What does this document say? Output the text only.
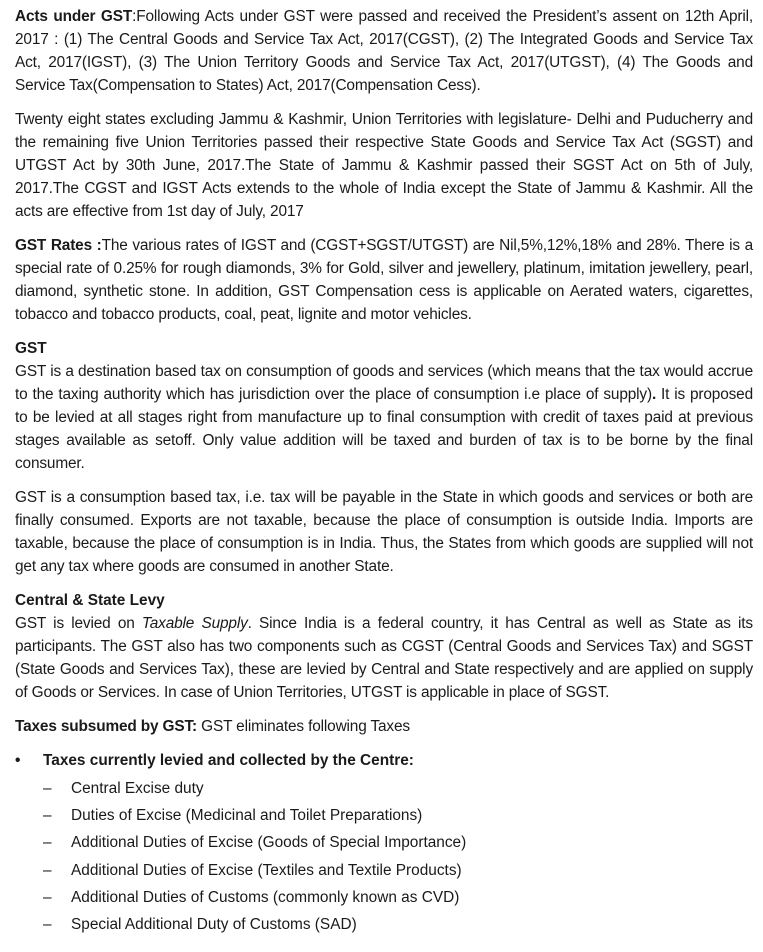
Acts under GST:Following Acts under GST were passed and received the President’s assent on 12th April, 2017 : (1) The Central Goods and Service Tax Act, 2017(CGST), (2) The Integrated Goods and Service Tax Act, 2017(IGST), (3) The Union Territory Goods and Service Tax Act, 2017(UTGST), (4) The Goods and Service Tax(Compensation to States) Act, 2017(Compensation Cess).

Twenty eight states excluding Jammu & Kashmir, Union Territories with legislature- Delhi and Puducherry and the remaining five Union Territories passed their respective State Goods and Service Tax Act (SGST) and UTGST Act by 30th June, 2017.The State of Jammu & Kashmir passed their SGST Act on 5th of July, 2017.The CGST and IGST Acts extends to the whole of India except the State of Jammu & Kashmir. All the acts are effective from 1st day of July, 2017

GST Rates :The various rates of IGST and (CGST+SGST/UTGST) are Nil,5%,12%,18% and 28%. There is a special rate of 0.25% for rough diamonds, 3% for Gold, silver and jewellery, platinum, imitation jewellery, pearl, diamond, synthetic stone. In addition, GST Compensation cess is applicable on Aerated waters, cigarettes, tobacco and tobacco products, coal, peat, lignite and motor vehicles.

GST

GST is a destination based tax on consumption of goods and services (which means that the tax would accrue to the taxing authority which has jurisdiction over the place of consumption i.e place of supply). It is proposed to be levied at all stages right from manufacture up to final consumption with credit of taxes paid at previous stages available as setoff. Only value addition will be taxed and burden of tax is to be borne by the final consumer.

GST is a consumption based tax, i.e. tax will be payable in the State in which goods and services or both are finally consumed. Exports are not taxable, because the place of consumption is outside India. Imports are taxable, because the place of consumption is in India. Thus, the States from which goods are supplied will not get any tax where goods are consumed in another State.

Central & State Levy

GST is levied on Taxable Supply. Since India is a federal country, it has Central as well as State as its participants. The GST also has two components such as CGST (Central Goods and Services Tax) and SGST (State Goods and Services Tax), these are levied by Central and State respectively and are applied on supply of Goods or Services. In case of Union Territories, UTGST is applicable in place of SGST.

Taxes subsumed by GST: GST eliminates following Taxes

•	Taxes currently levied and collected by the Centre:
–	Central Excise duty
–	Duties of Excise (Medicinal and Toilet Preparations)
–	Additional Duties of Excise (Goods of Special Importance)
–	Additional Duties of Excise (Textiles and Textile Products)
–	Additional Duties of Customs (commonly known as CVD)
–	Special Additional Duty of Customs (SAD)
